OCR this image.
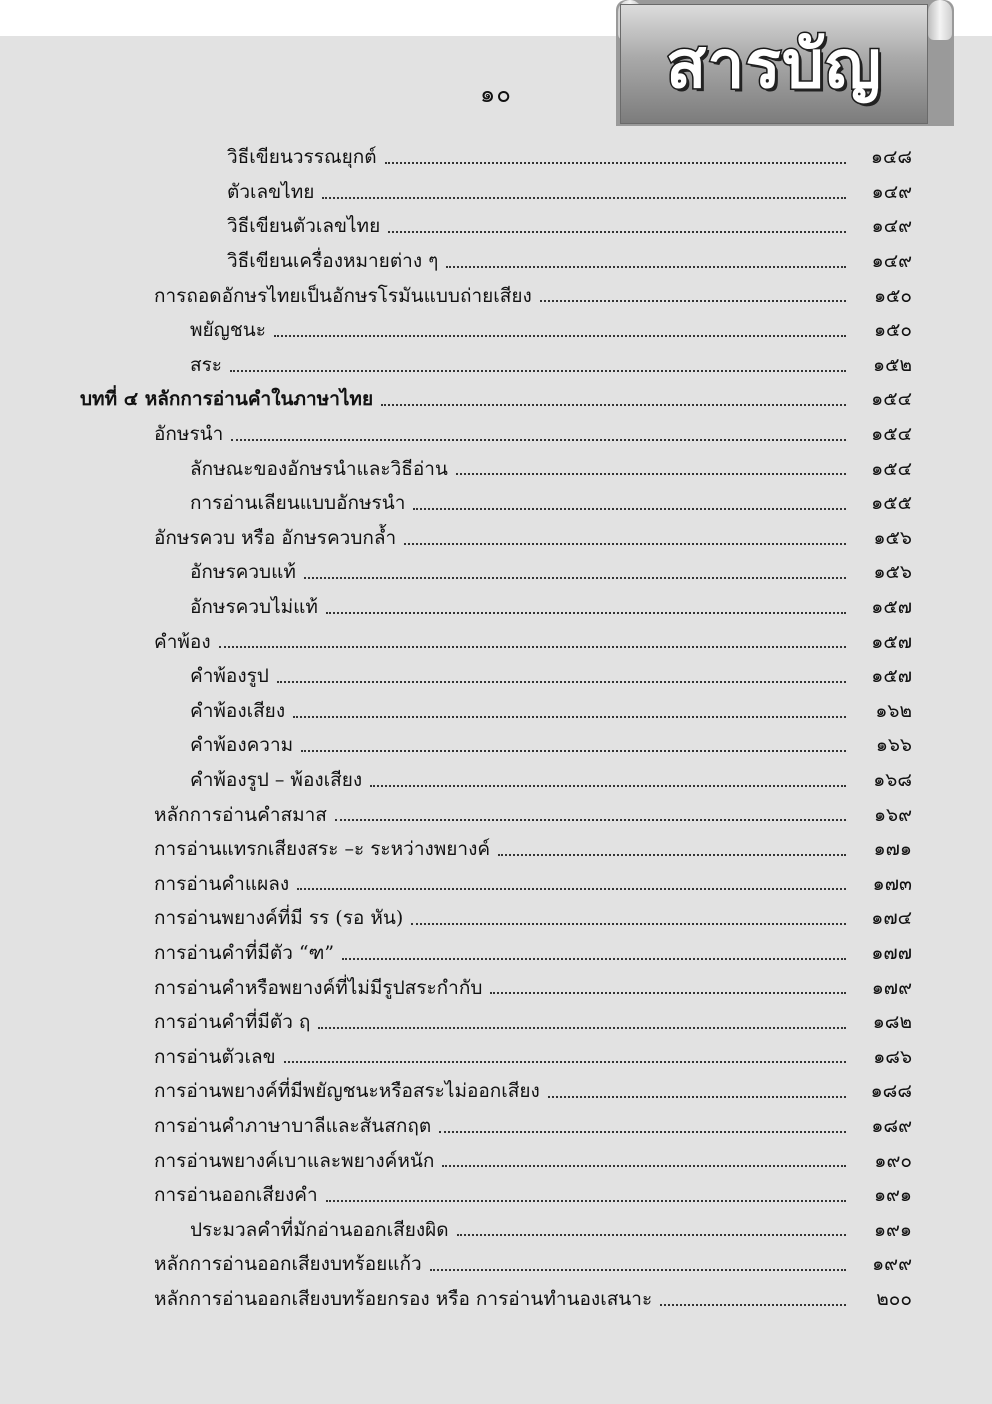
สารบัญ
๑๐
วิธีเขียนวรรณยุกต์	๑๔๘
ตัวเลขไทย	๑๔๙
วิธีเขียนตัวเลขไทย	๑๔๙
วิธีเขียนเครื่องหมายต่าง ๆ	๑๔๙
การถอดอักษรไทยเป็นอักษรโรมันแบบถ่ายเสียง	๑๕๐
พยัญชนะ	๑๕๐
สระ	๑๕๒
บทที่ ๔ หลักการอ่านคำในภาษาไทย	๑๕๔
อักษรนำ	๑๕๔
ลักษณะของอักษรนำและวิธีอ่าน	๑๕๔
การอ่านเลียนแบบอักษรนำ	๑๕๕
อักษรควบ หรือ อักษรควบกล้ำ	๑๕๖
อักษรควบแท้	๑๕๖
อักษรควบไม่แท้	๑๕๗
คำพ้อง	๑๕๗
คำพ้องรูป	๑๕๗
คำพ้องเสียง	๑๖๒
คำพ้องความ	๑๖๖
คำพ้องรูป – พ้องเสียง	๑๖๘
หลักการอ่านคำสมาส	๑๖๙
การอ่านแทรกเสียงสระ –ะ ระหว่างพยางค์	๑๗๑
การอ่านคำแผลง	๑๗๓
การอ่านพยางค์ที่มี รร (รอ หัน)	๑๗๔
การอ่านคำที่มีตัว “ฑ”	๑๗๗
การอ่านคำหรือพยางค์ที่ไม่มีรูปสระกำกับ	๑๗๙
การอ่านคำที่มีตัว ฤ	๑๘๒
การอ่านตัวเลข	๑๘๖
การอ่านพยางค์ที่มีพยัญชนะหรือสระไม่ออกเสียง	๑๘๘
การอ่านคำภาษาบาลีและสันสกฤต	๑๘๙
การอ่านพยางค์เบาและพยางค์หนัก	๑๙๐
การอ่านออกเสียงคำ	๑๙๑
ประมวลคำที่มักอ่านออกเสียงผิด	๑๙๑
หลักการอ่านออกเสียงบทร้อยแก้ว	๑๙๙
หลักการอ่านออกเสียงบทร้อยกรอง หรือ การอ่านทำนองเสนาะ	๒๐๐
